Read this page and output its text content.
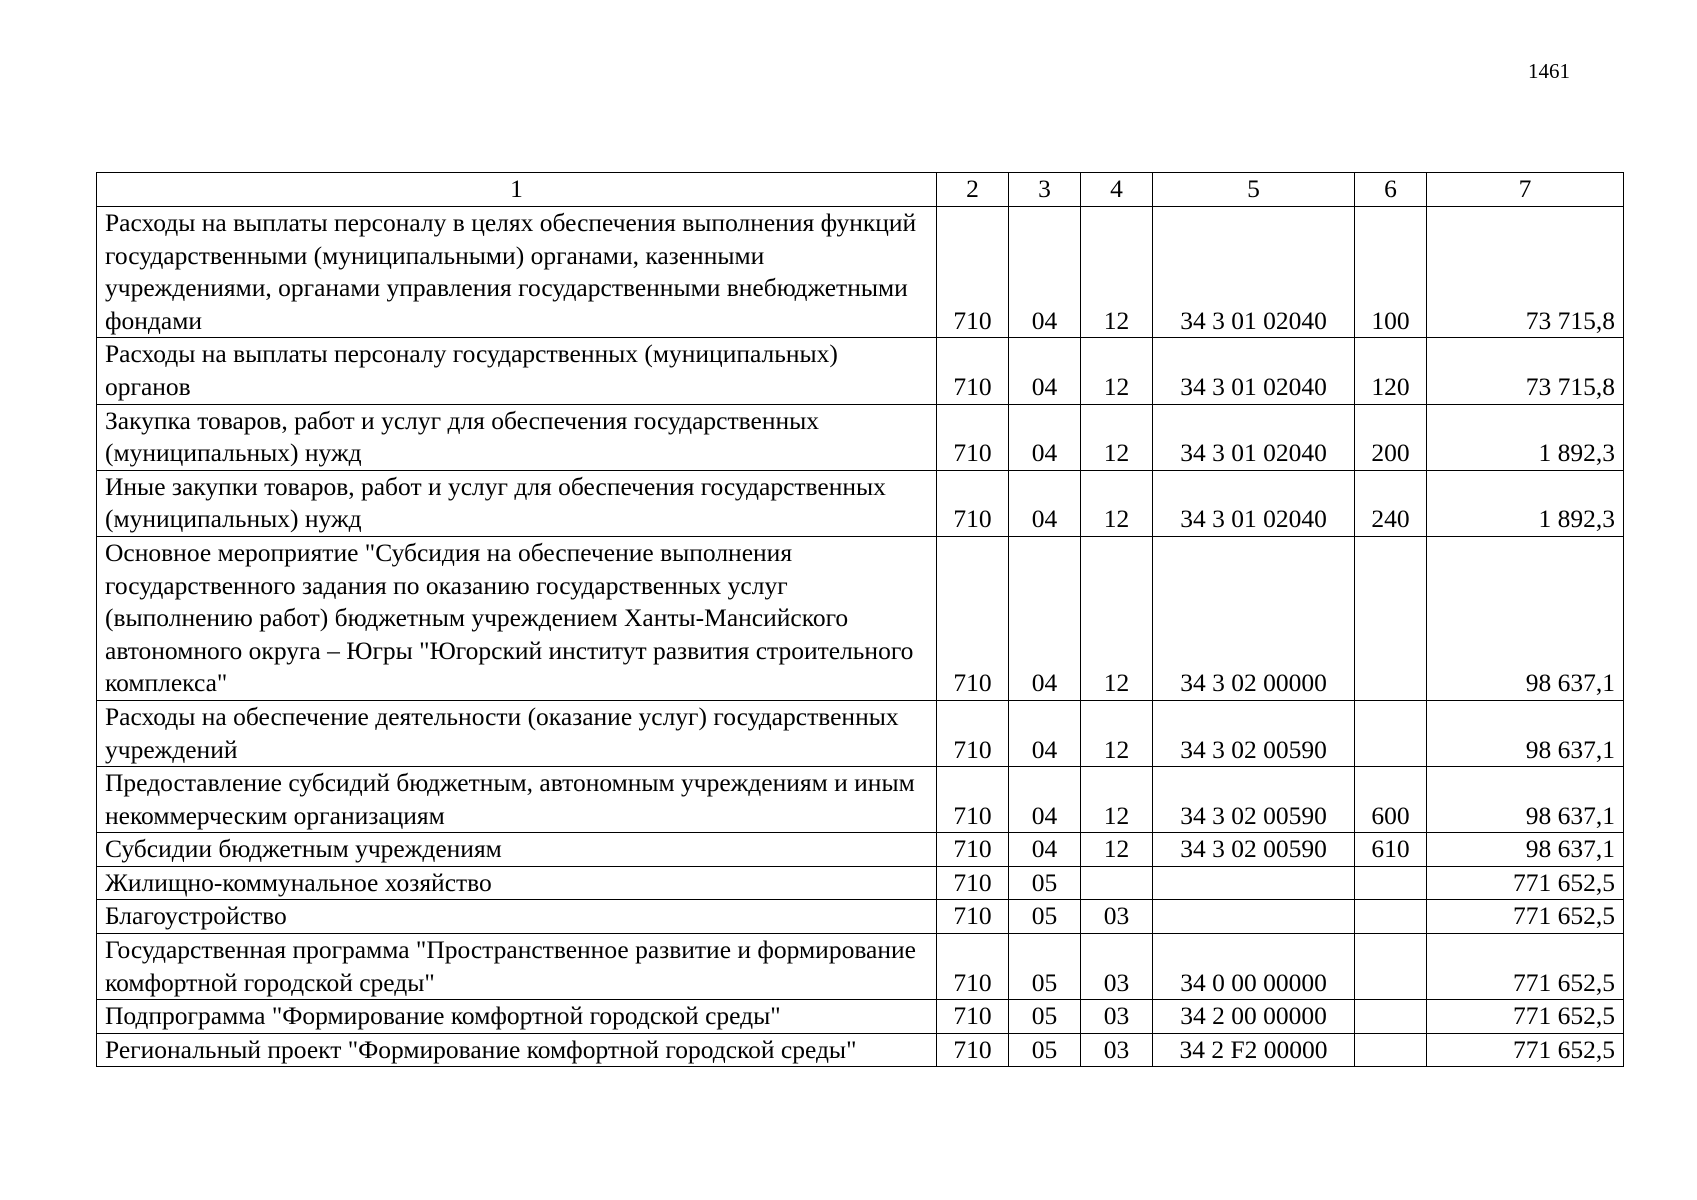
1461
1	2	3	4	5	6	7
Расходы на выплаты персоналу в целях обеспечения выполнения функций государственными (муниципальными) органами, казенными учреждениями, органами управления государственными внебюджетными фондами	710	04	12	34 3 01 02040	100	73 715,8
Расходы на выплаты персоналу государственных (муниципальных) органов	710	04	12	34 3 01 02040	120	73 715,8
Закупка товаров, работ и услуг для обеспечения государственных (муниципальных) нужд	710	04	12	34 3 01 02040	200	1 892,3
Иные закупки товаров, работ и услуг для обеспечения государственных (муниципальных) нужд	710	04	12	34 3 01 02040	240	1 892,3
Основное мероприятие "Субсидия на обеспечение выполнения государственного задания по оказанию государственных услуг (выполнению работ) бюджетным учреждением Ханты-Мансийского автономного округа – Югры "Югорский институт развития строительного комплекса"	710	04	12	34 3 02 00000		98 637,1
Расходы на обеспечение деятельности (оказание услуг) государственных учреждений	710	04	12	34 3 02 00590		98 637,1
Предоставление субсидий бюджетным, автономным учреждениям и иным некоммерческим организациям	710	04	12	34 3 02 00590	600	98 637,1
Субсидии бюджетным учреждениям	710	04	12	34 3 02 00590	610	98 637,1
Жилищно-коммунальное хозяйство	710	05				771 652,5
Благоустройство	710	05	03			771 652,5
Государственная программа "Пространственное развитие и формирование комфортной городской среды"	710	05	03	34 0 00 00000		771 652,5
Подпрограмма "Формирование комфортной городской среды"	710	05	03	34 2 00 00000		771 652,5
Региональный проект "Формирование комфортной городской среды"	710	05	03	34 2 F2 00000		771 652,5
